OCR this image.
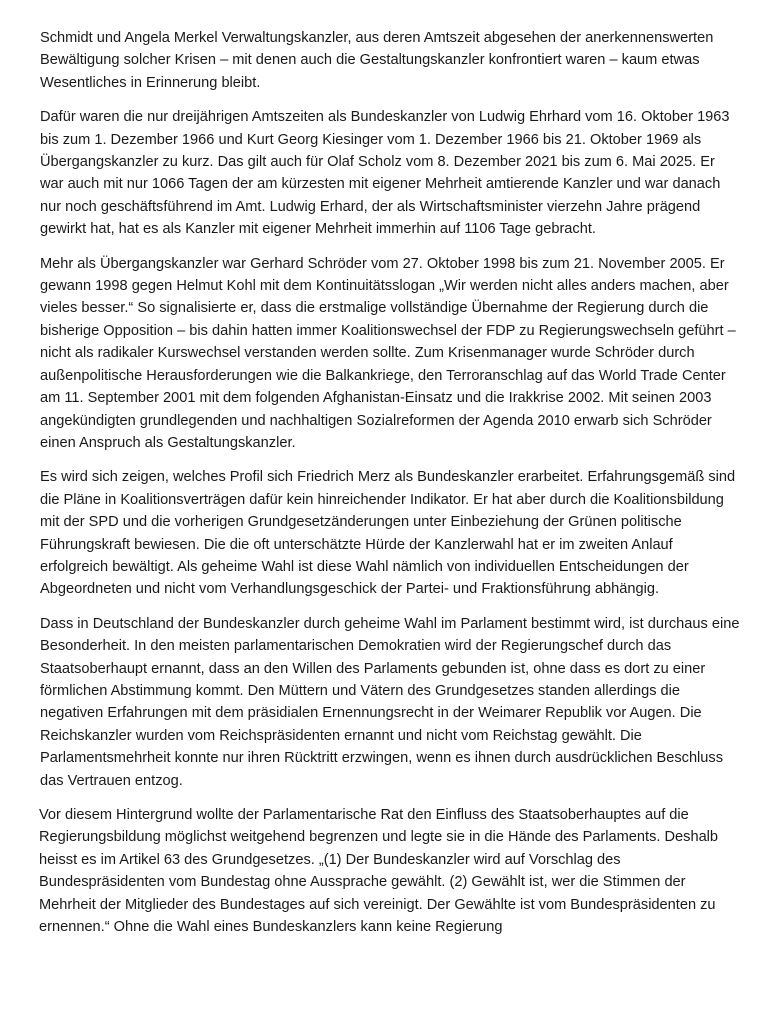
Schmidt und Angela Merkel Verwaltungskanzler, aus deren Amtszeit abgesehen der anerkennenswerten Bewältigung solcher Krisen – mit denen auch die Gestaltungskanzler konfrontiert waren – kaum etwas Wesentliches in Erinnerung bleibt.

Dafür waren die nur dreijährigen Amtszeiten als Bundeskanzler von Ludwig Ehrhard vom 16. Oktober 1963 bis zum 1. Dezember 1966 und Kurt Georg Kiesinger vom 1. Dezember 1966 bis 21. Oktober 1969 als Übergangskanzler zu kurz. Das gilt auch für Olaf Scholz vom 8. Dezember 2021 bis zum 6. Mai 2025. Er war auch mit nur 1066 Tagen der am kürzesten mit eigener Mehrheit amtierende Kanzler und war danach nur noch geschäftsführend im Amt. Ludwig Erhard, der als Wirtschaftsminister vierzehn Jahre prägend gewirkt hat, hat es als Kanzler mit eigener Mehrheit immerhin auf 1106 Tage gebracht.

Mehr als Übergangskanzler war Gerhard Schröder vom 27. Oktober 1998 bis zum 21. November 2005. Er gewann 1998 gegen Helmut Kohl mit dem Kontinuitätsslogan „Wir werden nicht alles anders machen, aber vieles besser.“ So signalisierte er, dass die erstmalige vollständige Übernahme der Regierung durch die bisherige Opposition – bis dahin hatten immer Koalitionswechsel der FDP zu Regierungswechseln geführt – nicht als radikaler Kurswechsel verstanden werden sollte. Zum Krisenmanager wurde Schröder durch außenpolitische Herausforderungen wie die Balkankriege, den Terroranschlag auf das World Trade Center am 11. September 2001 mit dem folgenden Afghanistan-Einsatz und die Irakkrise 2002. Mit seinen 2003 angekündigten grundlegenden und nachhaltigen Sozialreformen der Agenda 2010 erwarb sich Schröder einen Anspruch als Gestaltungskanzler.

Es wird sich zeigen, welches Profil sich Friedrich Merz als Bundeskanzler erarbeitet. Erfahrungsgemäß sind die Pläne in Koalitionsverträgen dafür kein hinreichender Indikator. Er hat aber durch die Koalitionsbildung mit der SPD und die vorherigen Grundgesetzänderungen unter Einbeziehung der Grünen politische Führungskraft bewiesen. Die die oft unterschätzte Hürde der Kanzlerwahl hat er im zweiten Anlauf erfolgreich bewältigt. Als geheime Wahl ist diese Wahl nämlich von individuellen Entscheidungen der Abgeordneten und nicht vom Verhandlungsgeschick der Partei- und Fraktionsführung abhängig.

Dass in Deutschland der Bundeskanzler durch geheime Wahl im Parlament bestimmt wird, ist durchaus eine Besonderheit. In den meisten parlamentarischen Demokratien wird der Regierungschef durch das Staatsoberhaupt ernannt, dass an den Willen des Parlaments gebunden ist, ohne dass es dort zu einer förmlichen Abstimmung kommt. Den Müttern und Vätern des Grundgesetzes standen allerdings die negativen Erfahrungen mit dem präsidialen Ernennungsrecht in der Weimarer Republik vor Augen. Die Reichskanzler wurden vom Reichspräsidenten ernannt und nicht vom Reichstag gewählt. Die Parlamentsmehrheit konnte nur ihren Rücktritt erzwingen, wenn es ihnen durch ausdrücklichen Beschluss das Vertrauen entzog.

Vor diesem Hintergrund wollte der Parlamentarische Rat den Einfluss des Staatsoberhauptes auf die Regierungsbildung möglichst weitgehend begrenzen und legte sie in die Hände des Parlaments. Deshalb heisst es im Artikel 63 des Grundgesetzes. „(1) Der Bundeskanzler wird auf Vorschlag des Bundespräsidenten vom Bundestag ohne Aussprache gewählt. (2) Gewählt ist, wer die Stimmen der Mehrheit der Mitglieder des Bundestages auf sich vereinigt. Der Gewählte ist vom Bundespräsidenten zu ernennen.“ Ohne die Wahl eines Bundeskanzlers kann keine Regierung
